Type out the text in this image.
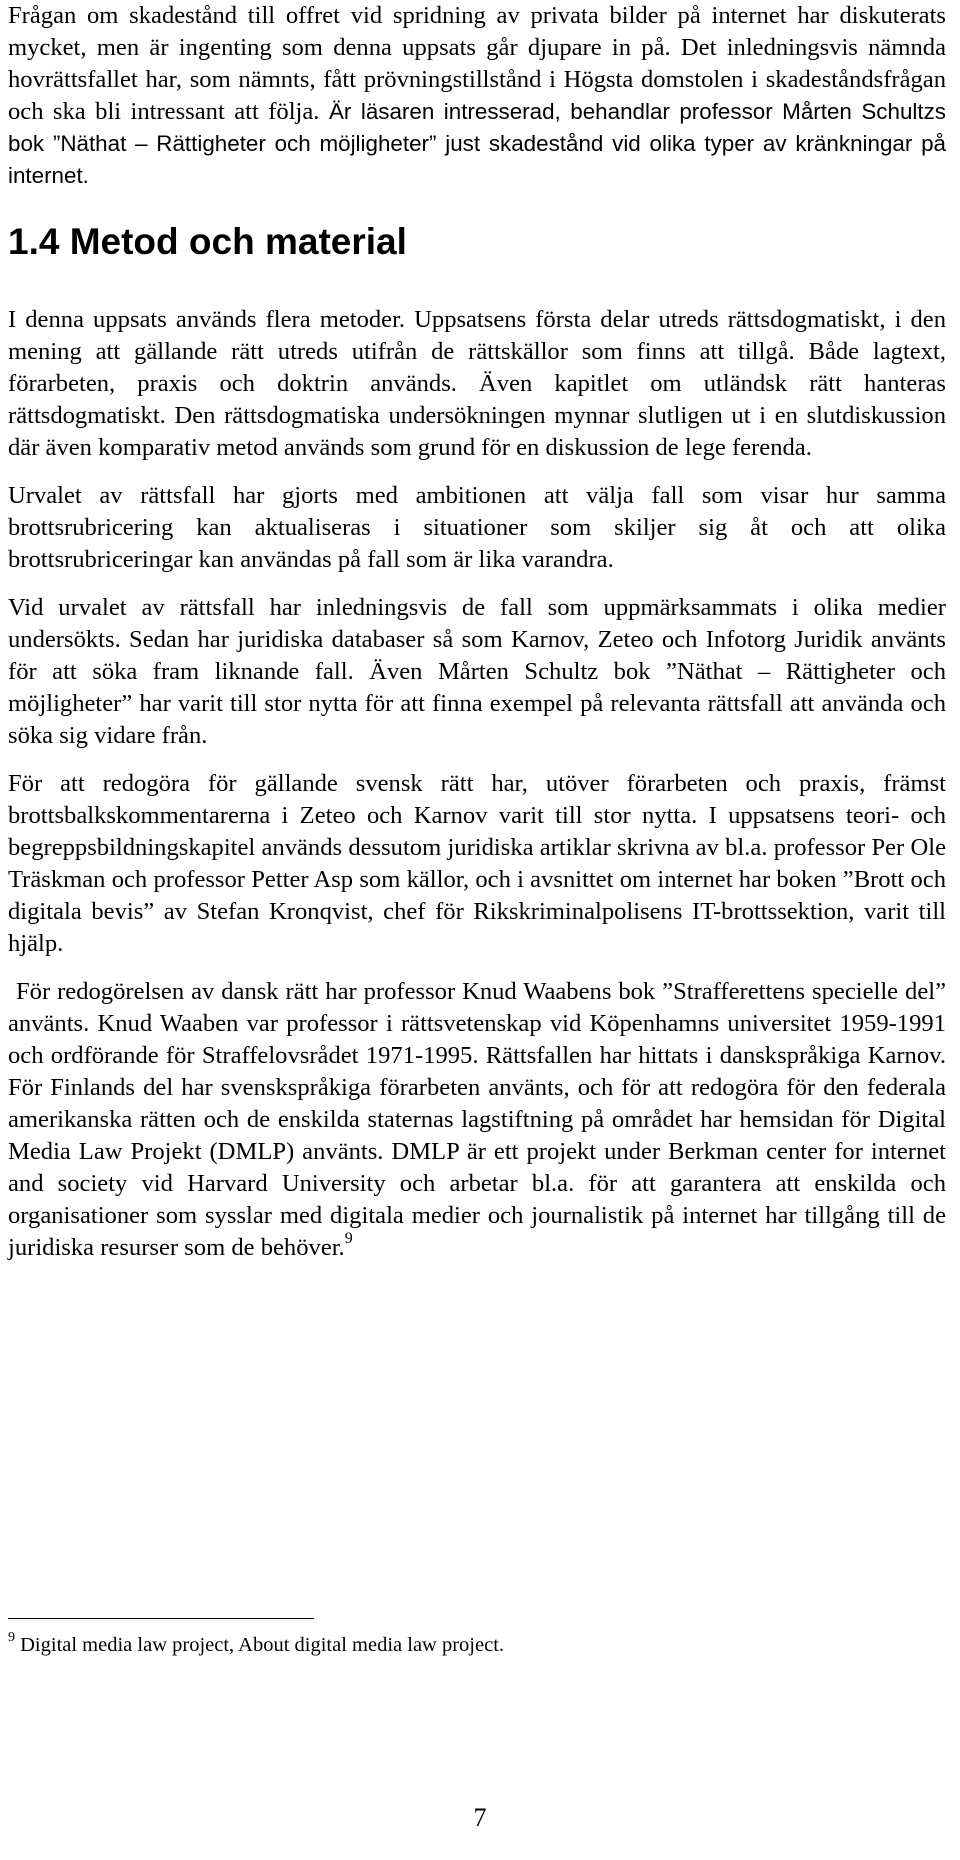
Frågan om skadestånd till offret vid spridning av privata bilder på internet har diskuterats mycket, men är ingenting som denna uppsats går djupare in på. Det inledningsvis nämnda hovrättsfallet har, som nämnts, fått prövningstillstånd i Högsta domstolen i skadeståndsfrågan och ska bli intressant att följa. Är läsaren intresserad, behandlar professor Mårten Schultzs bok ”Näthat – Rättigheter och möjligheter” just skadestånd vid olika typer av kränkningar på internet.

1.4 Metod och material

I denna uppsats används flera metoder. Uppsatsens första delar utreds rättsdogmatiskt, i den mening att gällande rätt utreds utifrån de rättskällor som finns att tillgå. Både lagtext, förarbeten, praxis och doktrin används. Även kapitlet om utländsk rätt hanteras rättsdogmatiskt. Den rättsdogmatiska undersökningen mynnar slutligen ut i en slutdiskussion där även komparativ metod används som grund för en diskussion de lege ferenda.

Urvalet av rättsfall har gjorts med ambitionen att välja fall som visar hur samma brottsrubricering kan aktualiseras i situationer som skiljer sig åt och att olika brottsrubriceringar kan användas på fall som är lika varandra.

Vid urvalet av rättsfall har inledningsvis de fall som uppmärksammats i olika medier undersökts. Sedan har juridiska databaser så som Karnov, Zeteo och Infotorg Juridik använts för att söka fram liknande fall. Även Mårten Schultz bok ”Näthat – Rättigheter och möjligheter” har varit till stor nytta för att finna exempel på relevanta rättsfall att använda och söka sig vidare från.

För att redogöra för gällande svensk rätt har, utöver förarbeten och praxis, främst brottsbalkskommentarerna i Zeteo och Karnov varit till stor nytta. I uppsatsens teori- och begreppsbildningskapitel används dessutom juridiska artiklar skrivna av bl.a. professor Per Ole Träskman och professor Petter Asp som källor, och i avsnittet om internet har boken ”Brott och digitala bevis” av Stefan Kronqvist, chef för Rikskriminalpolisens IT-brottssektion, varit till hjälp.

För redogörelsen av dansk rätt har professor Knud Waabens bok ”Strafferettens specielle del” använts. Knud Waaben var professor i rättsvetenskap vid Köpenhamns universitet 1959-1991 och ordförande för Straffelovsrådet 1971-1995. Rättsfallen har hittats i danskspråkiga Karnov. För Finlands del har svenskspråkiga förarbeten använts, och för att redogöra för den federala amerikanska rätten och de enskilda staternas lagstiftning på området har hemsidan för Digital Media Law Projekt (DMLP) använts. DMLP är ett projekt under Berkman center for internet and society vid Harvard University och arbetar bl.a. för att garantera att enskilda och organisationer som sysslar med digitala medier och journalistik på internet har tillgång till de juridiska resurser som de behöver.$^9$

$^9$ Digital media law project, About digital media law project.
7
